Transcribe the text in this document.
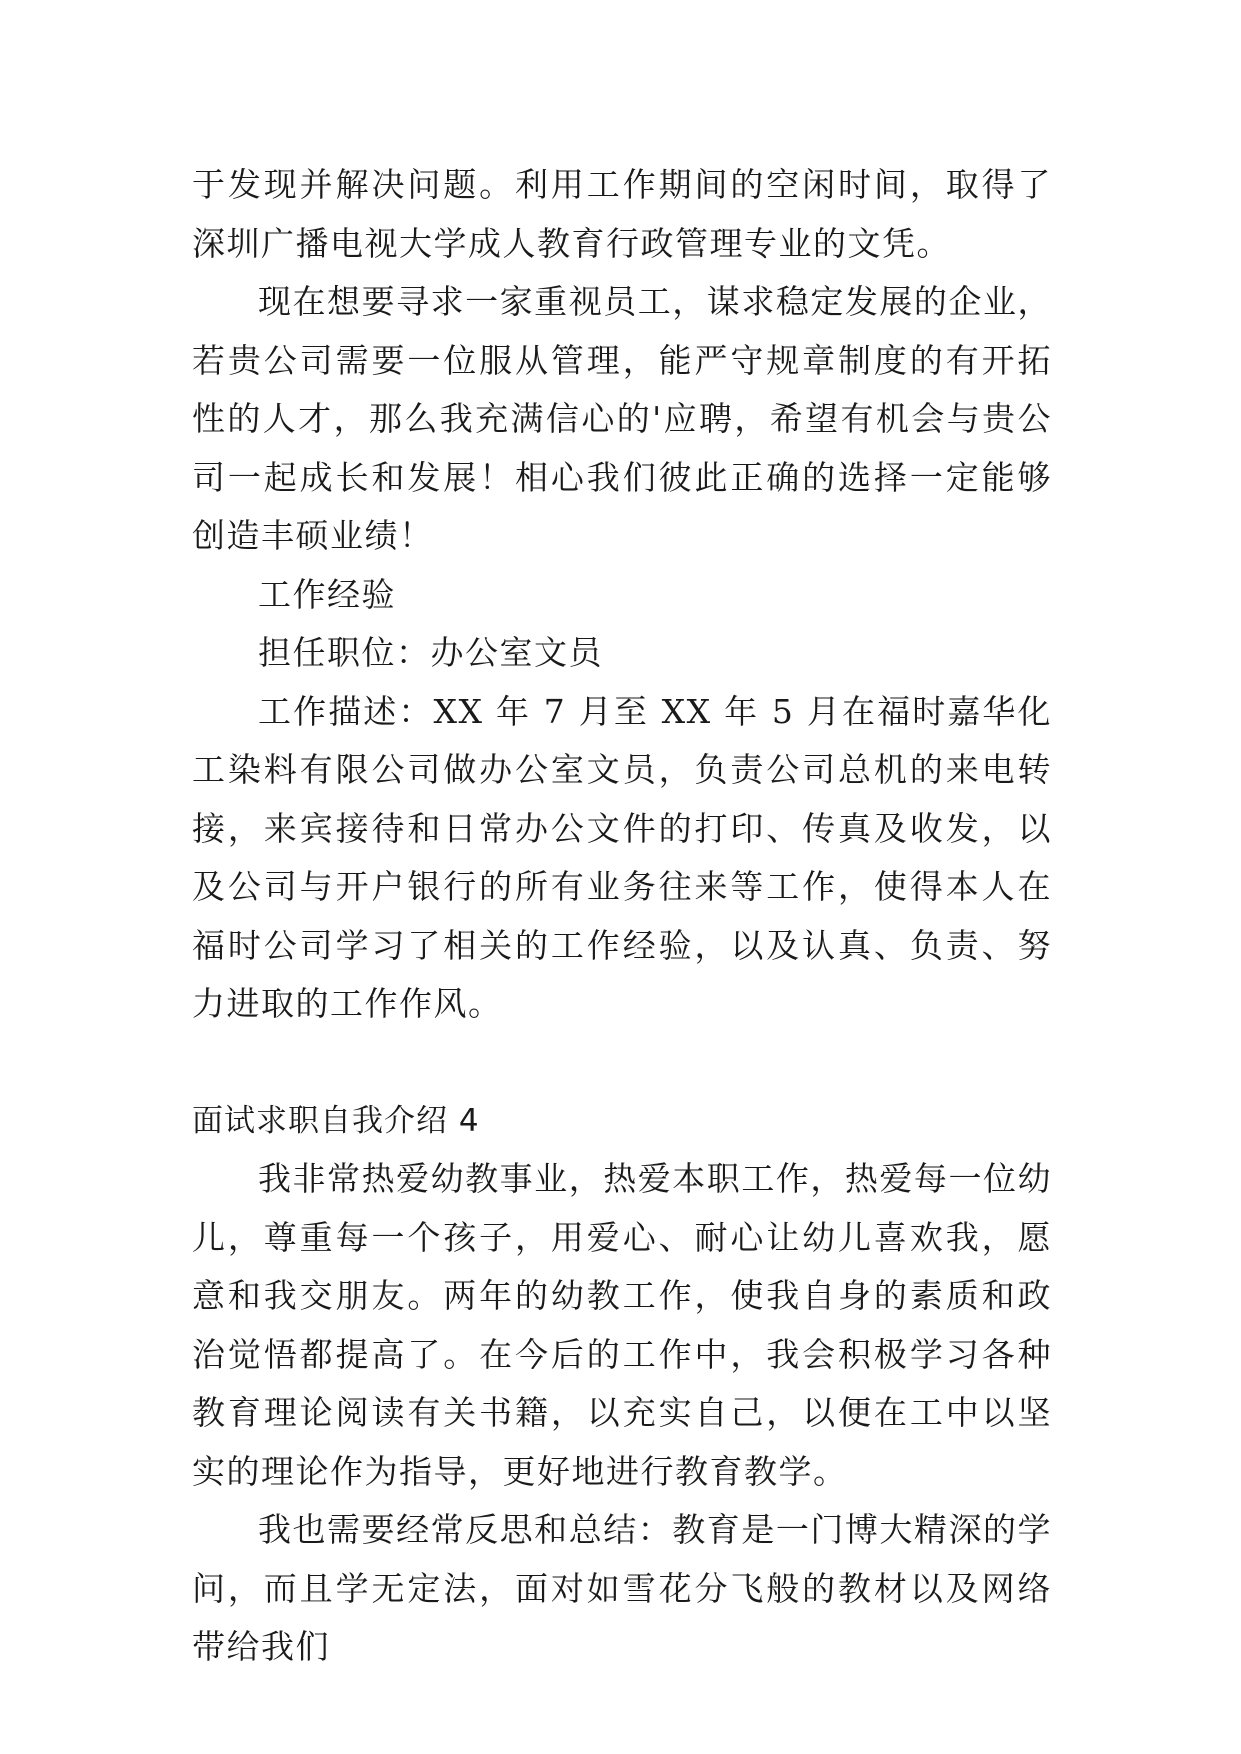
于发现并解决问题。利用工作期间的空闲时间，取得了深圳广播电视大学成人教育行政管理专业的文凭。

现在想要寻求一家重视员工，谋求稳定发展的企业，若贵公司需要一位服从管理，能严守规章制度的有开拓性的人才，那么我充满信心的'应聘，希望有机会与贵公司一起成长和发展！相心我们彼此正确的选择一定能够创造丰硕业绩！

工作经验

担任职位：办公室文员

工作描述：XX 年 7 月至 XX 年 5 月在福时嘉华化工染料有限公司做办公室文员，负责公司总机的来电转接，来宾接待和日常办公文件的打印、传真及收发，以及公司与开户银行的所有业务往来等工作，使得本人在福时公司学习了相关的工作经验，以及认真、负责、努力进取的工作作风。

面试求职自我介绍 4

我非常热爱幼教事业，热爱本职工作，热爱每一位幼儿，尊重每一个孩子，用爱心、耐心让幼儿喜欢我，愿意和我交朋友。两年的幼教工作，使我自身的素质和政治觉悟都提高了。在今后的工作中，我会积极学习各种教育理论阅读有关书籍，以充实自己，以便在工中以坚实的理论作为指导，更好地进行教育教学。

我也需要经常反思和总结：教育是一门博大精深的学问，而且学无定法，面对如雪花分飞般的教材以及网络带给我们
